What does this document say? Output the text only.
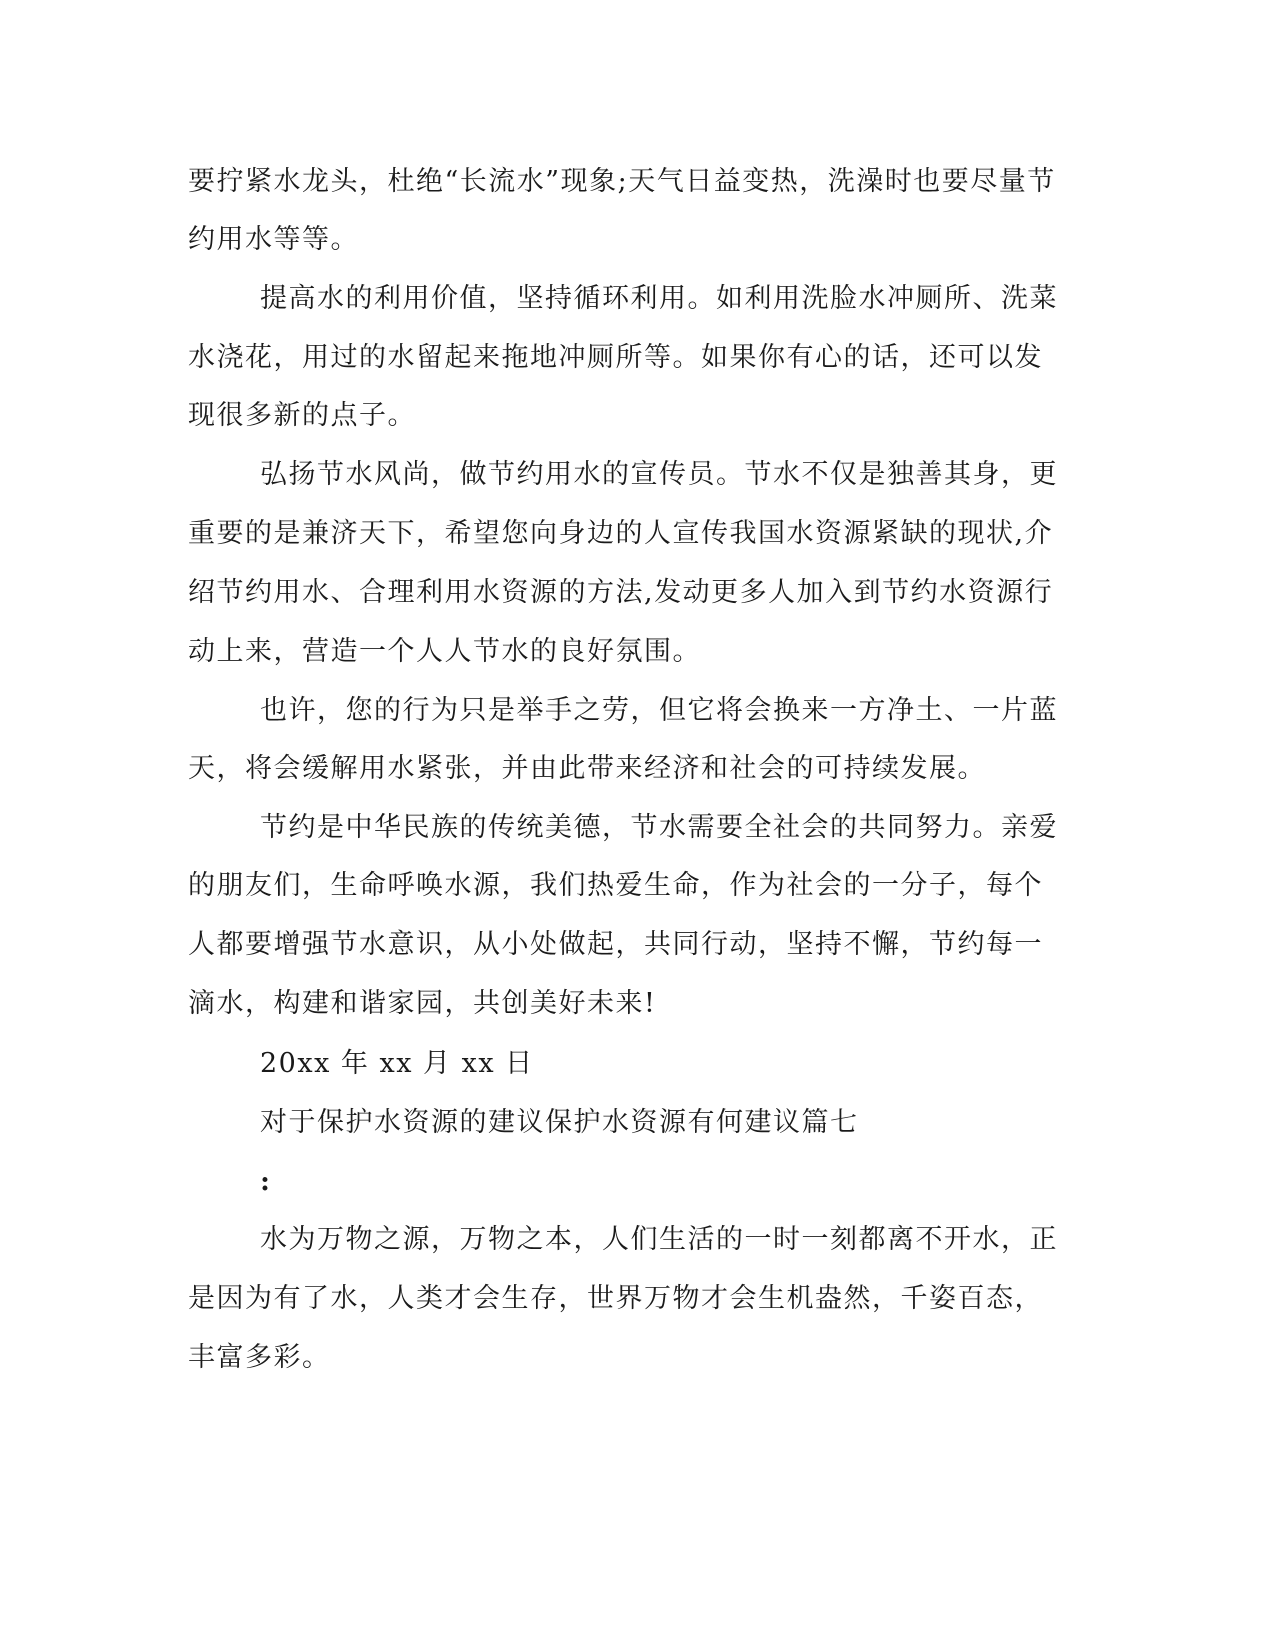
要拧紧水龙头，杜绝“长流水”现象;天气日益变热，洗澡时也要尽量节
约用水等等。
提高水的利用价值，坚持循环利用。如利用洗脸水冲厕所、洗菜
水浇花，用过的水留起来拖地冲厕所等。如果你有心的话，还可以发
现很多新的点子。
弘扬节水风尚，做节约用水的宣传员。节水不仅是独善其身，更
重要的是兼济天下，希望您向身边的人宣传我国水资源紧缺的现状,介
绍节约用水、合理利用水资源的方法,发动更多人加入到节约水资源行
动上来，营造一个人人节水的良好氛围。
也许，您的行为只是举手之劳，但它将会换来一方净土、一片蓝
天，将会缓解用水紧张，并由此带来经济和社会的可持续发展。
节约是中华民族的传统美德，节水需要全社会的共同努力。亲爱
的朋友们，生命呼唤水源，我们热爱生命，作为社会的一分子，每个
人都要增强节水意识，从小处做起，共同行动，坚持不懈，节约每一
滴水，构建和谐家园，共创美好未来!
20xx 年 xx 月 xx 日
对于保护水资源的建议保护水资源有何建议篇七
:
水为万物之源，万物之本，人们生活的一时一刻都离不开水，正
是因为有了水，人类才会生存，世界万物才会生机盎然，千姿百态，
丰富多彩。
